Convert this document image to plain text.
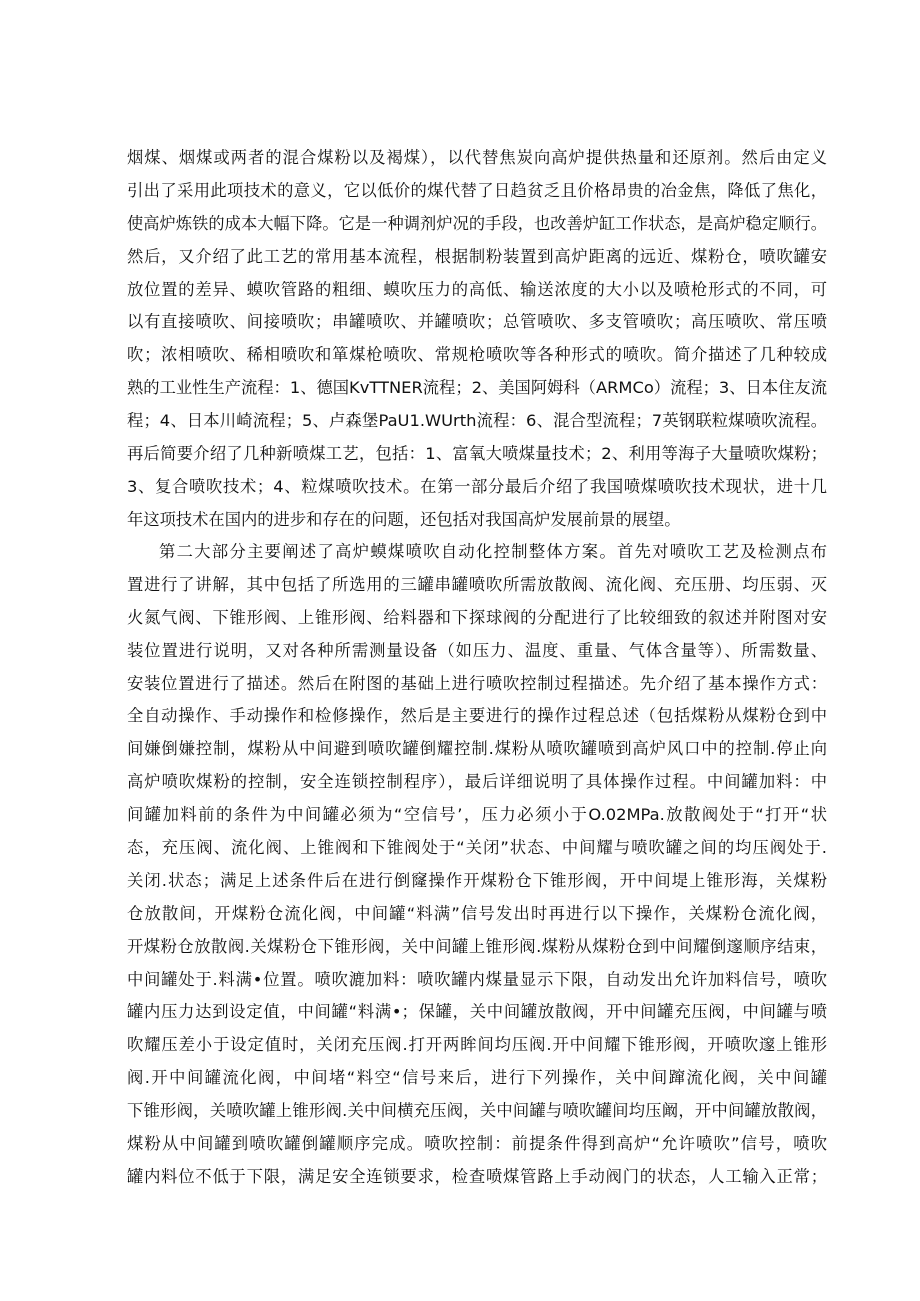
烟煤、烟煤或两者的混合煤粉以及褐煤），以代替焦炭向高炉提供热量和还原剂。然后由定义
引出了采用此项技术的意义，它以低价的煤代替了日趋贫乏且价格昂贵的冶金焦，降低了焦化，
使高炉炼铁的成本大幅下降。它是一种调剂炉况的手段，也改善炉缸工作状态，是高炉稳定顺行。
然后，又介绍了此工艺的常用基本流程，根据制粉装置到高炉距离的远近、煤粉仓，喷吹罐安
放位置的差异、蟆吹管路的粗细、蟆吹压力的高低、输送浓度的大小以及喷枪形式的不同，可
以有直接喷吹、间接喷吹；串罐喷吹、并罐喷吹；总管喷吹、多支管喷吹；高压喷吹、常压喷
吹；浓相喷吹、稀相喷吹和箪煤枪喷吹、常规枪喷吹等各种形式的喷吹。简介描述了几种较成
熟的工业性生产流程：1、德国KvTTNER流程；2、美国阿姆科（ARMCo）流程；3、日本住友流
程；4、日本川崎流程；5、卢森堡PaU1.WUrth流程：6、混合型流程；7英钢联粒煤喷吹流程。
再后简要介绍了几种新喷煤工艺，包括：1、富氧大喷煤量技术；2、利用等海子大量喷吹煤粉；
3、复合喷吹技术；4、粒煤喷吹技术。在第一部分最后介绍了我国喷煤喷吹技术现状，进十几
年这项技术在国内的进步和存在的问题，还包括对我国高炉发展前景的展望。
第二大部分主要阐述了高炉蟆煤喷吹自动化控制整体方案。首先对喷吹工艺及检测点布
置进行了讲解，其中包括了所选用的三罐串罐喷吹所需放散阀、流化阀、充压册、均压弱、灭
火氮气阀、下锥形阀、上锥形阀、给料器和下探球阀的分配进行了比较细致的叙述并附图对安
装位置进行说明，又对各种所需测量设备（如压力、温度、重量、气体含量等）、所需数量、
安装位置进行了描述。然后在附图的基础上进行喷吹控制过程描述。先介绍了基本操作方式：
全自动操作、手动操作和检修操作，然后是主要进行的操作过程总述（包括煤粉从煤粉仓到中
间嫌倒嫌控制，煤粉从中间避到喷吹罐倒耀控制.煤粉从喷吹罐喷到高炉风口中的控制.停止向
高炉喷吹煤粉的控制，安全连锁控制程序），最后详细说明了具体操作过程。中间罐加料：中
间罐加料前的条件为中间罐必须为“空信号’，压力必须小于O.02MPa.放散阀处于“打开“状
态，充压阀、流化阀、上锥阀和下锥阀处于“关闭”状态、中间耀与喷吹罐之间的均压阀处于.
关闭.状态；满足上述条件后在进行倒窿操作开煤粉仓下锥形阀，开中间堤上锥形海，关煤粉
仓放散间，开煤粉仓流化阀，中间罐“料满”信号发出时再进行以下操作，关煤粉仓流化阀，
开煤粉仓放散阀.关煤粉仓下锥形阀，关中间罐上锥形阀.煤粉从煤粉仓到中间耀倒邃顺序结束，
中间罐处于.料满•位置。喷吹漉加料：喷吹罐内煤量显示下限，自动发出允许加料信号，喷吹
罐内压力达到设定值，中间罐“料满•；保罐，关中间罐放散阀，开中间罐充压阀，中间罐与喷
吹耀压差小于设定值时，关闭充压阀.打开两眸间均压阀.开中间耀下锥形阀，开喷吹邃上锥形
阀.开中间罐流化阀，中间堵“料空“信号来后，进行下列操作，关中间蹿流化阀，关中间罐
下锥形阀，关喷吹罐上锥形阀.关中间横充压阀，关中间罐与喷吹罐间均压阚，开中间罐放散阀，
煤粉从中间罐到喷吹罐倒罐顺序完成。喷吹控制：前提条件得到高炉“允许喷吹”信号，喷吹
罐内料位不低于下限，满足安全连锁要求，检查喷煤管路上手动阀门的状态，人工输入正常；
